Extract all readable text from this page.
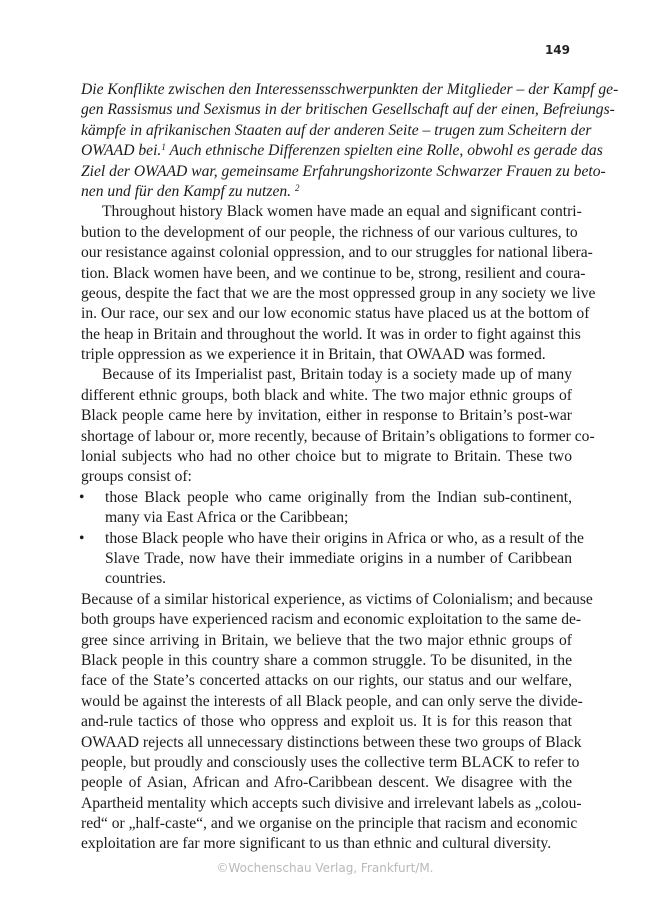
149
Die Konflikte zwischen den Interessensschwerpunkten der Mitglieder – der Kampf ge-
gen Rassismus und Sexismus in der britischen Gesellschaft auf der einen, Befreiungs-
kämpfe in afrikanischen Staaten auf der anderen Seite – trugen zum Scheitern der
OWAAD bei.$^1$ Auch ethnische Differenzen spielten eine Rolle, obwohl es gerade das
Ziel der OWAAD war, gemeinsame Erfahrungshorizonte Schwarzer Frauen zu beto-
nen und für den Kampf zu nutzen. $^2$
Throughout history Black women have made an equal and significant contri-
bution to the development of our people, the richness of our various cultures, to
our resistance against colonial oppression, and to our struggles for national libera-
tion. Black women have been, and we continue to be, strong, resilient and coura-
geous, despite the fact that we are the most oppressed group in any society we live
in. Our race, our sex and our low economic status have placed us at the bottom of
the heap in Britain and throughout the world. It was in order to fight against this
triple oppression as we experience it in Britain, that OWAAD was formed.
Because of its Imperialist past, Britain today is a society made up of many
different ethnic groups, both black and white. The two major ethnic groups of
Black people came here by invitation, either in response to Britain’s post-war
shortage of labour or, more recently, because of Britain’s obligations to former co-
lonial subjects who had no other choice but to migrate to Britain. These two
groups consist of:
• those Black people who came originally from the Indian sub-continent,
many via East Africa or the Caribbean;
• those Black people who have their origins in Africa or who, as a result of the
Slave Trade, now have their immediate origins in a number of Caribbean
countries.
Because of a similar historical experience, as victims of Colonialism; and because
both groups have experienced racism and economic exploitation to the same de-
gree since arriving in Britain, we believe that the two major ethnic groups of
Black people in this country share a common struggle. To be disunited, in the
face of the State’s concerted attacks on our rights, our status and our welfare,
would be against the interests of all Black people, and can only serve the divide-
and-rule tactics of those who oppress and exploit us. It is for this reason that
OWAAD rejects all unnecessary distinctions between these two groups of Black
people, but proudly and consciously uses the collective term BLACK to refer to
people of Asian, African and Afro-Caribbean descent. We disagree with the
Apartheid mentality which accepts such divisive and irrelevant labels as „colou-
red“ or „half-caste“, and we organise on the principle that racism and economic
exploitation are far more significant to us than ethnic and cultural diversity.
©Wochenschau Verlag, Frankfurt/M.
